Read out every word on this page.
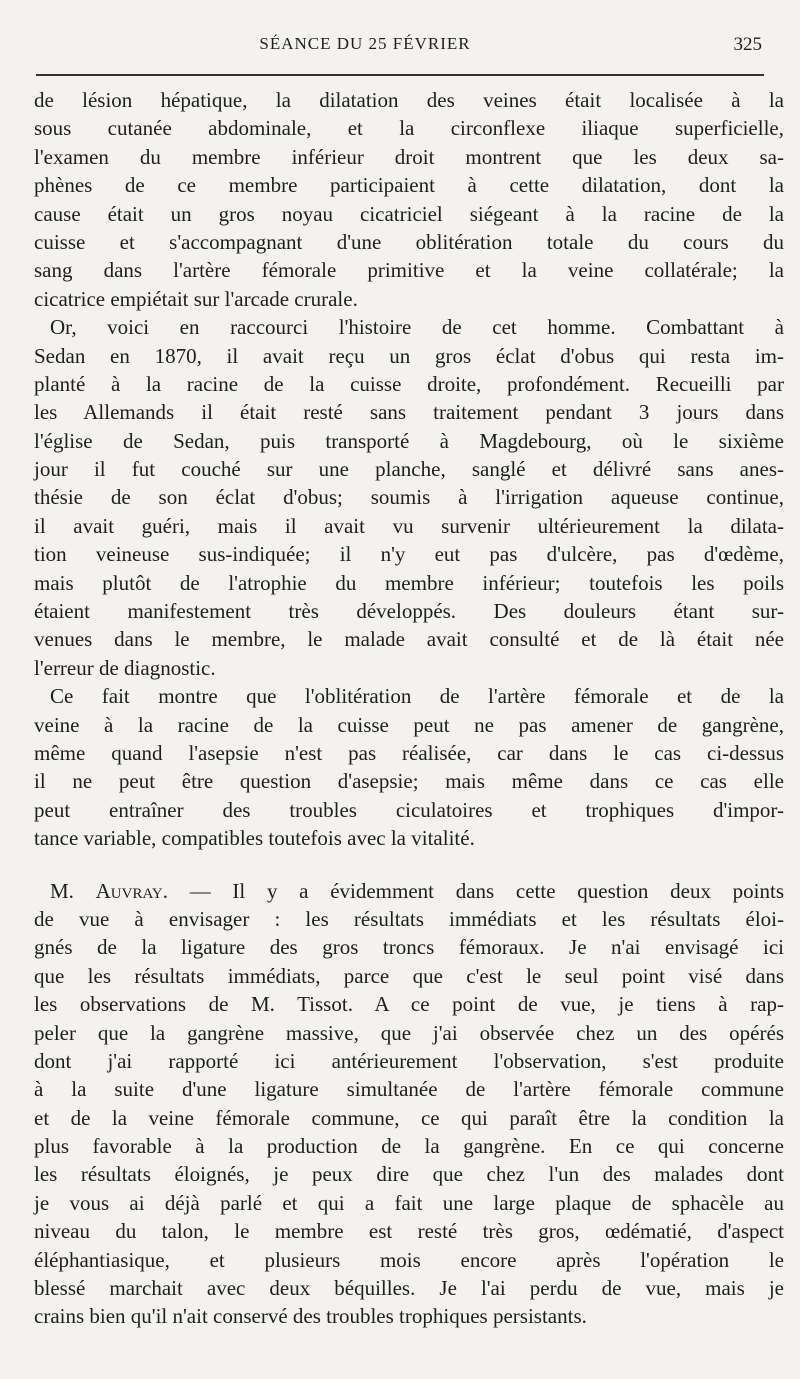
SÉANCE DU 25 FÉVRIER	325
de lésion hépatique, la dilatation des veines était localisée à la
sous cutanée abdominale, et la circonflexe iliaque superficielle,
l'examen du membre inférieur droit montrent que les deux sa-
phènes de ce membre participaient à cette dilatation, dont la
cause était un gros noyau cicatriciel siégeant à la racine de la
cuisse et s'accompagnant d'une oblitération totale du cours du
sang dans l'artère fémorale primitive et la veine collatérale; la
cicatrice empiétait sur l'arcade crurale.
Or, voici en raccourci l'histoire de cet homme. Combattant à
Sedan en 1870, il avait reçu un gros éclat d'obus qui resta im-
planté à la racine de la cuisse droite, profondément. Recueilli par
les Allemands il était resté sans traitement pendant 3 jours dans
l'église de Sedan, puis transporté à Magdebourg, où le sixième
jour il fut couché sur une planche, sanglé et délivré sans anes-
thésie de son éclat d'obus; soumis à l'irrigation aqueuse continue,
il avait guéri, mais il avait vu survenir ultérieurement la dilata-
tion veineuse sus-indiquée; il n'y eut pas d'ulcère, pas d'œdème,
mais plutôt de l'atrophie du membre inférieur; toutefois les poils
étaient manifestement très développés. Des douleurs étant sur-
venues dans le membre, le malade avait consulté et de là était née
l'erreur de diagnostic.
Ce fait montre que l'oblitération de l'artère fémorale et de la
veine à la racine de la cuisse peut ne pas amener de gangrène,
même quand l'asepsie n'est pas réalisée, car dans le cas ci-dessus
il ne peut être question d'asepsie; mais même dans ce cas elle
peut entraîner des troubles ciculatoires et trophiques d'impor-
tance variable, compatibles toutefois avec la vitalité.
M. Auvray. — Il y a évidemment dans cette question deux points
de vue à envisager : les résultats immédiats et les résultats éloi-
gnés de la ligature des gros troncs fémoraux. Je n'ai envisagé ici
que les résultats immédiats, parce que c'est le seul point visé dans
les observations de M. Tissot. A ce point de vue, je tiens à rap-
peler que la gangrène massive, que j'ai observée chez un des opérés
dont j'ai rapporté ici antérieurement l'observation, s'est produite
à la suite d'une ligature simultanée de l'artère fémorale commune
et de la veine fémorale commune, ce qui paraît être la condition la
plus favorable à la production de la gangrène. En ce qui concerne
les résultats éloignés, je peux dire que chez l'un des malades dont
je vous ai déjà parlé et qui a fait une large plaque de sphacèle au
niveau du talon, le membre est resté très gros, œdématié, d'aspect
éléphantiasique, et plusieurs mois encore après l'opération le
blessé marchait avec deux béquilles. Je l'ai perdu de vue, mais je
crains bien qu'il n'ait conservé des troubles trophiques persistants.
